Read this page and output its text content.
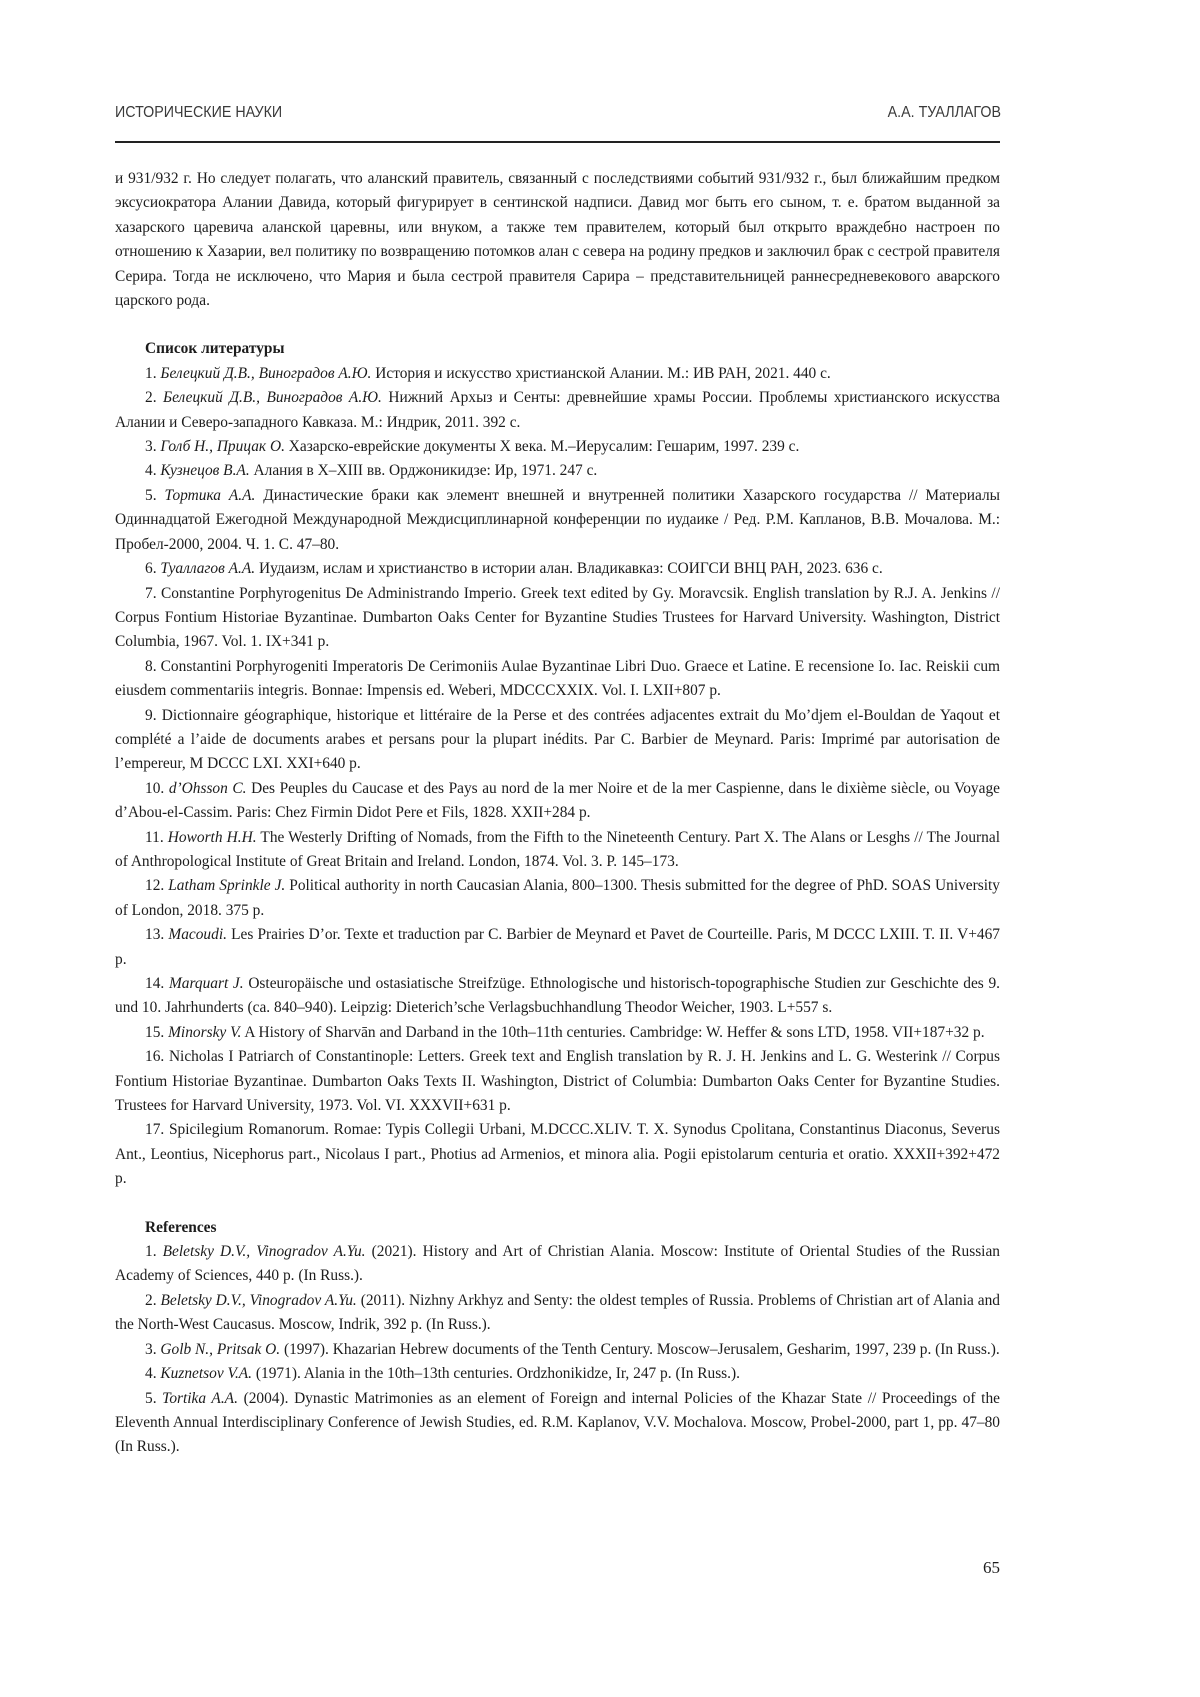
ИСТОРИЧЕСКИЕ НАУКИ	А.А. ТУАЛЛАГОВ

и 931/932 г. Но следует полагать, что аланский правитель, связанный с последствиями событий 931/932 г., был ближайшим предком эксусиократора Алании Давида, который фигурирует в сентинской надписи. Давид мог быть его сыном, т. е. братом выданной за хазарского царевича аланской царевны, или внуком, а также тем правителем, который был открыто враждебно настроен по отношению к Хазарии, вел политику по возвращению потомков алан с севера на родину предков и заключил брак с сестрой правителя Серира. Тогда не исключено, что Мария и была сестрой правителя Сарира – представительницей раннесредневекового аварского царского рода.

Список литературы

1. Белецкий Д.В., Виноградов А.Ю. История и искусство христианской Алании. М.: ИВ РАН, 2021. 440 с.

2. Белецкий Д.В., Виноградов А.Ю. Нижний Архыз и Сенты: древнейшие храмы России. Проблемы христианского искусства Алании и Северо-западного Кавказа. М.: Индрик, 2011. 392 с.

3. Голб Н., Прицак О. Хазарско-еврейские документы X века. М.–Иерусалим: Гешарим, 1997. 239 с.

4. Кузнецов В.А. Алания в X–XIII вв. Орджоникидзе: Ир, 1971. 247 с.

5. Тортика А.А. Династические браки как элемент внешней и внутренней политики Хазарского государства // Материалы Одиннадцатой Ежегодной Международной Междисциплинарной конференции по иудаике / Ред. Р.М. Капланов, В.В. Мочалова. М.: Пробел-2000, 2004. Ч. 1. С. 47–80.

6. Туаллагов А.А. Иудаизм, ислам и христианство в истории алан. Владикавказ: СОИГСИ ВНЦ РАН, 2023. 636 с.

7. Constantine Porphyrogenitus De Administrando Imperio. Greek text edited by Gy. Moravcsik. English translation by R.J. A. Jenkins // Corpus Fontium Historiae Byzantinae. Dumbarton Oaks Center for Byzantine Studies Trustees for Harvard University. Washington, District Columbia, 1967. Vol. 1. IX+341 p.

8. Constantini Porphyrogeniti Imperatoris De Cerimoniis Aulae Byzantinae Libri Duo. Graece et Latine. E recensione Io. Iac. Reiskii cum eiusdem commentariis integris. Bonnae: Impensis ed. Weberi, MDCCCXXIX. Vol. I. LXII+807 p.

9. Dictionnaire géographique, historique et littéraire de la Perse et des contrées adjacentes extrait du Mo’djem el-Bouldan de Yaqout et complété a l’aide de documents arabes et persans pour la plupart inédits. Par C. Barbier de Meynard. Paris: Imprimé par autorisation de l’empereur, M DCCC LXI. XXI+640 p.

10. d’Ohsson C. Des Peuples du Caucase et des Pays au nord de la mer Noire et de la mer Caspienne, dans le dixième siècle, ou Voyage d’Abou-el-Cassim. Paris: Chez Firmin Didot Pere et Fils, 1828. XXII+284 p.

11. Howorth H.H. The Westerly Drifting of Nomads, from the Fifth to the Nineteenth Century. Part X. The Alans or Lesghs // The Journal of Anthropological Institute of Great Britain and Ireland. London, 1874. Vol. 3. P. 145–173.

12. Latham Sprinkle J. Political authority in north Caucasian Alania, 800–1300. Thesis submitted for the degree of PhD. SOAS University of London, 2018. 375 p.

13. Macoudi. Les Prairies D’or. Texte et traduction par C. Barbier de Meynard et Pavet de Courteille. Paris, M DCCC LXIII. T. II. V+467 p.

14. Marquart J. Osteuropäische und ostasiatische Streifzüge. Ethnologische und historisch-topographische Studien zur Geschichte des 9. und 10. Jahrhunderts (ca. 840–940). Leipzig: Dieterich’sche Verlagsbuchhandlung Theodor Weicher, 1903. L+557 s.

15. Minorsky V. A History of Sharvān and Darband in the 10th–11th centuries. Cambridge: W. Heffer & sons LTD, 1958. VII+187+32 p.

16. Nicholas I Patriarch of Constantinople: Letters. Greek text and English translation by R. J. H. Jenkins and L. G. Westerink // Corpus Fontium Historiae Byzantinae. Dumbarton Oaks Texts II. Washington, District of Columbia: Dumbarton Oaks Center for Byzantine Studies. Trustees for Harvard University, 1973. Vol. VI. XXXVII+631 p.

17. Spicilegium Romanorum. Romae: Typis Collegii Urbani, M.DCCC.XLIV. T. X. Synodus Cpolitana, Constantinus Diaconus, Severus Ant., Leontius, Nicephorus part., Nicolaus I part., Photius ad Armenios, et minora alia. Pogii epistolarum centuria et oratio. XXXII+392+472 p.

References

1. Beletsky D.V., Vinogradov A.Yu. (2021). History and Art of Christian Alania. Moscow: Institute of Oriental Studies of the Russian Academy of Sciences, 440 p. (In Russ.).

2. Beletsky D.V., Vinogradov A.Yu. (2011). Nizhny Arkhyz and Senty: the oldest temples of Russia. Problems of Christian art of Alania and the North-West Caucasus. Moscow, Indrik, 392 p. (In Russ.).

3. Golb N., Pritsak O. (1997). Khazarian Hebrew documents of the Tenth Century. Moscow–Jerusalem, Gesharim, 1997, 239 p. (In Russ.).

4. Kuznetsov V.A. (1971). Alania in the 10th–13th centuries. Ordzhonikidze, Ir, 247 p. (In Russ.).

5. Tortika A.A. (2004). Dynastic Matrimonies as an element of Foreign and internal Policies of the Khazar State // Proceedings of the Eleventh Annual Interdisciplinary Conference of Jewish Studies, ed. R.M. Kaplanov, V.V. Mochalova. Moscow, Probel-2000, part 1, pp. 47–80 (In Russ.).

65
